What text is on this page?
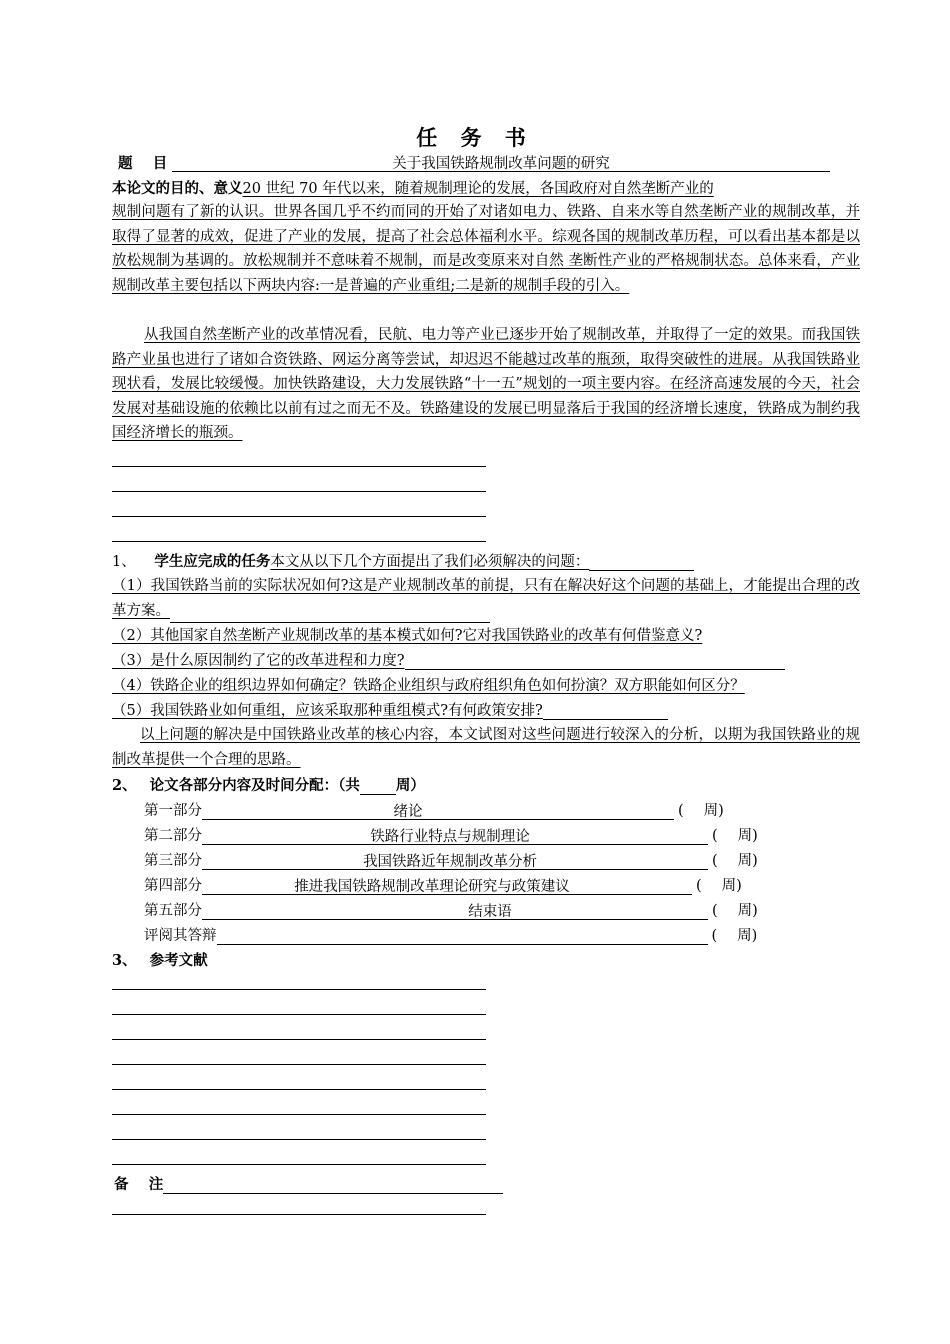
任 务 书
题    目	关于我国铁路规制改革问题的研究
本论文的目的、意义20 世纪 70 年代以来，随着规制理论的发展，各国政府对自然垄断产业的
规制问题有了新的认识。世界各国几乎不约而同的开始了对诸如电力、铁路、自来水等自然垄断产业的规制改革，并取得了显著的成效，促进了产业的发展，提高了社会总体福利水平。综观各国的规制改革历程，可以看出基本都是以放松规制为基调的。放松规制并不意味着不规制，而是改变原来对自然 垄断性产业的严格规制状态。总体来看，产业规制改革主要包括以下两块内容:一是普遍的产业重组;二是新的规制手段的引入。
从我国自然垄断产业的改革情况看，民航、电力等产业已逐步开始了规制改革，并取得了一定的效果。而我国铁路产业虽也进行了诸如合资铁路、网运分离等尝试，却迟迟不能越过改革的瓶颈，取得突破性的进展。从我国铁路业现状看，发展比较缓慢。加快铁路建设，大力发展铁路“十一五”规划的一项主要内容。在经济高速发展的今天，社会发展对基础设施的依赖比以前有过之而无不及。铁路建设的发展已明显落后于我国的经济增长速度，铁路成为制约我国经济增长的瓶颈。
1、 学生应完成的任务本文从以下几个方面提出了我们必须解决的问题：
（1）我国铁路当前的实际状况如何?这是产业规制改革的前提，只有在解决好这个问题的基础上，才能提出合理的改革方案。
（2）其他国家自然垄断产业规制改革的基本模式如何?它对我国铁路业的改革有何借鉴意义?
（3）是什么原因制约了它的改革进程和力度?
（4）铁路企业的组织边界如何确定？铁路企业组织与政府组织角色如何扮演？双方职能如何区分？
（5）我国铁路业如何重组，应该采取那种重组模式?有何政策安排?
以上问题的解决是中国铁路业改革的核心内容，本文试图对这些问题进行较深入的分析，以期为我国铁路业的规制改革提供一个合理的思路。
2、 论文各部分内容及时间分配：（共 周）
第一部分	绪论	( 周)
第二部分	铁路行业特点与规制理论	( 周)
第三部分	我国铁路近年规制改革分析	( 周)
第四部分	推进我国铁路规制改革理论研究与政策建议	( 周)
第五部分	结束语	( 周)
评阅其答辩	( 周)
3、 参考文献
备    注
